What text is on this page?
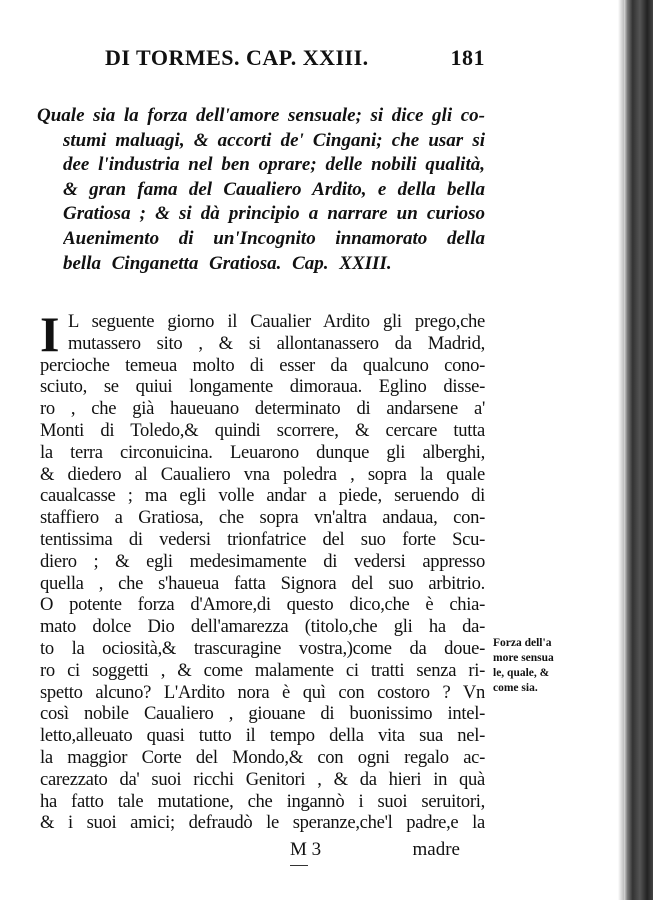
DI TORMES. CAP. XXIII.	181
Quale sia la forza dell'amore sensuale; si dice gli co-
stumi maluagi, & accorti de' Cingani; che usar si
dee l'industria nel ben oprare; delle nobili qualità,
& gran fama del Caualiero Ardito, e della bella
Gratiosa ; & si dà principio a narrare un curioso
Auenimento di un'Incognito innamorato della
bella Cinganetta Gratiosa. Cap. XXIII.
I L seguente giorno il Caualier Ardito gli prego,che
mutassero sito , & si allontanassero da Madrid,
percioche temeua molto di esser da qualcuno cono-
sciuto, se quiui longamente dimoraua. Eglino disse-
ro , che già haueuano determinato di andarsene a'
Monti di Toledo,& quindi scorrere, & cercare tutta
la terra circonuicina. Leuarono dunque gli alberghi,
& diedero al Caualiero vna poledra , sopra la quale
caualcasse ; ma egli volle andar a piede, seruendo di
staffiero a Gratiosa, che sopra vn'altra andaua, con-
tentissima di vedersi trionfatrice del suo forte Scu-
diero ; & egli medesimamente di vedersi appresso
quella , che s'haueua fatta Signora del suo arbitrio.
O potente forza d'Amore,di questo dico,che è chia-
mato dolce Dio dell'amarezza (titolo,che gli ha da-
to la ociosità,& trascuragine vostra,)come da doue-
ro ci soggetti , & come malamente ci tratti senza ri-
spetto alcuno? L'Ardito nora è quì con costoro ? Vn
così nobile Caualiero , giouane di buonissimo intel-
letto,alleuato quasi tutto il tempo della vita sua nel-
la maggior Corte del Mondo,& con ogni regalo ac-
carezzato da' suoi ricchi Genitori , & da hieri in quà
ha fatto tale mutatione, che ingannò i suoi seruitori,
& i suoi amici; defraudò le speranze,che'l padre,e la
Forza dell'a
more sensua
le, quale, &
come sia.
M 3	madre
